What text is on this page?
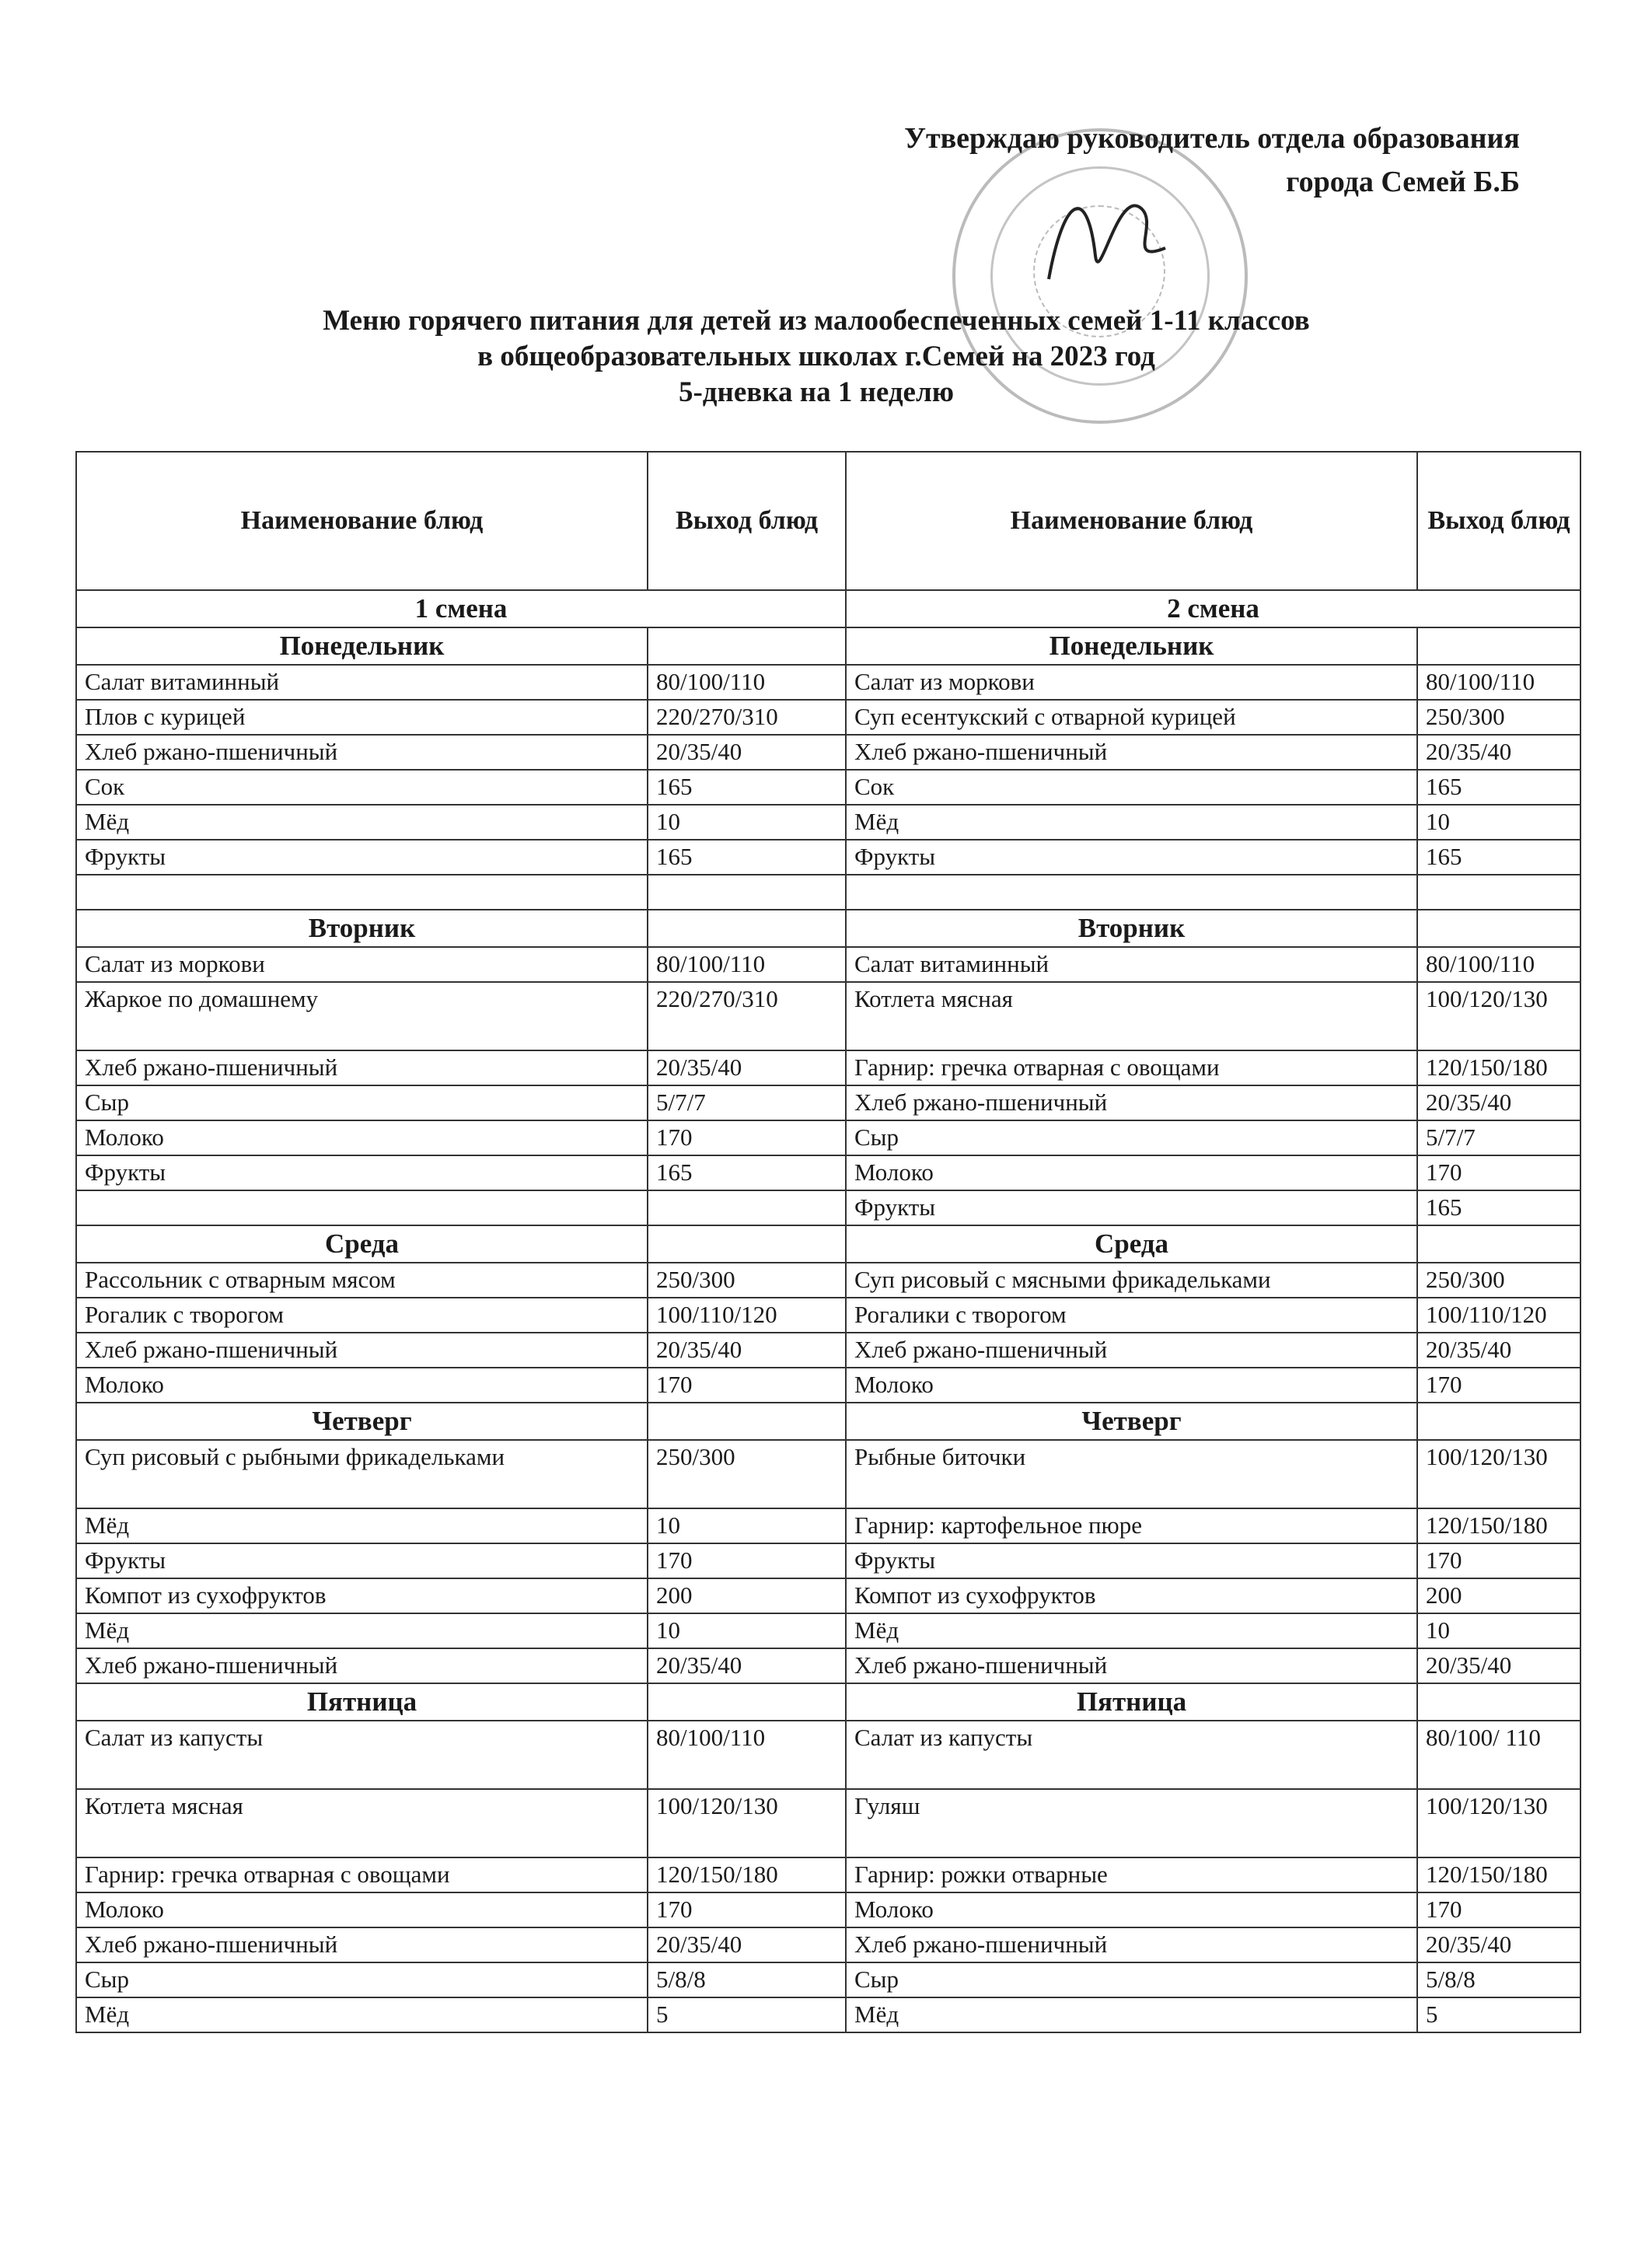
Утверждаю руководитель отдела образования
города Семей Б.Б
Меню горячего питания для детей из малообеспеченных семей 1-11 классов
в общеобразовательных школах г.Семей на 2023 год
5-дневка на 1 неделю
Наименование блюд	Выход блюд	Наименование блюд	Выход блюд
1 смена		2 смена	
Понедельник		Понедельник	
Салат витаминный	80/100/110	Салат из моркови	80/100/110
Плов с курицей	220/270/310	Суп есентукский с отварной курицей	250/300
Хлеб ржано-пшеничный	20/35/40	Хлеб ржано-пшеничный	20/35/40
Сок	165	Сок	165
Мёд	10	Мёд	10
Фрукты	165	Фрукты	165

Вторник		Вторник	
Салат из моркови	80/100/110	Салат витаминный	80/100/110
Жаркое по домашнему	220/270/310	Котлета мясная	100/120/130
Хлеб ржано-пшеничный	20/35/40	Гарнир: гречка отварная с овощами	120/150/180
Сыр	5/7/7	Хлеб ржано-пшеничный	20/35/40
Молоко	170	Сыр	5/7/7
Фрукты	165	Молоко	170
		Фрукты	165
Среда		Среда	
Рассольник с отварным мясом	250/300	Суп рисовый с мясными фрикадельками	250/300
Рогалик с творогом	100/110/120	Рогалики с творогом	100/110/120
Хлеб ржано-пшеничный	20/35/40	Хлеб ржано-пшеничный	20/35/40
Молоко	170	Молоко	170
Четверг		Четверг	
Суп рисовый с рыбными фрикадельками	250/300	Рыбные биточки	100/120/130
Мёд	10	Гарнир: картофельное пюре	120/150/180
Фрукты	170	Фрукты	170
Компот из сухофруктов	200	Компот из сухофруктов	200
Мёд	10	Мёд	10
Хлеб ржано-пшеничный	20/35/40	Хлеб ржано-пшеничный	20/35/40
Пятница		Пятница	
Салат из капусты	80/100/110	Салат из капусты	80/100/ 110
Котлета мясная	100/120/130	Гуляш	100/120/130
Гарнир: гречка отварная с овощами	120/150/180	Гарнир: рожки отварные	120/150/180
Молоко	170	Молоко	170
Хлеб ржано-пшеничный	20/35/40	Хлеб ржано-пшеничный	20/35/40
Сыр	5/8/8	Сыр	5/8/8
Мёд	5	Мёд	5
